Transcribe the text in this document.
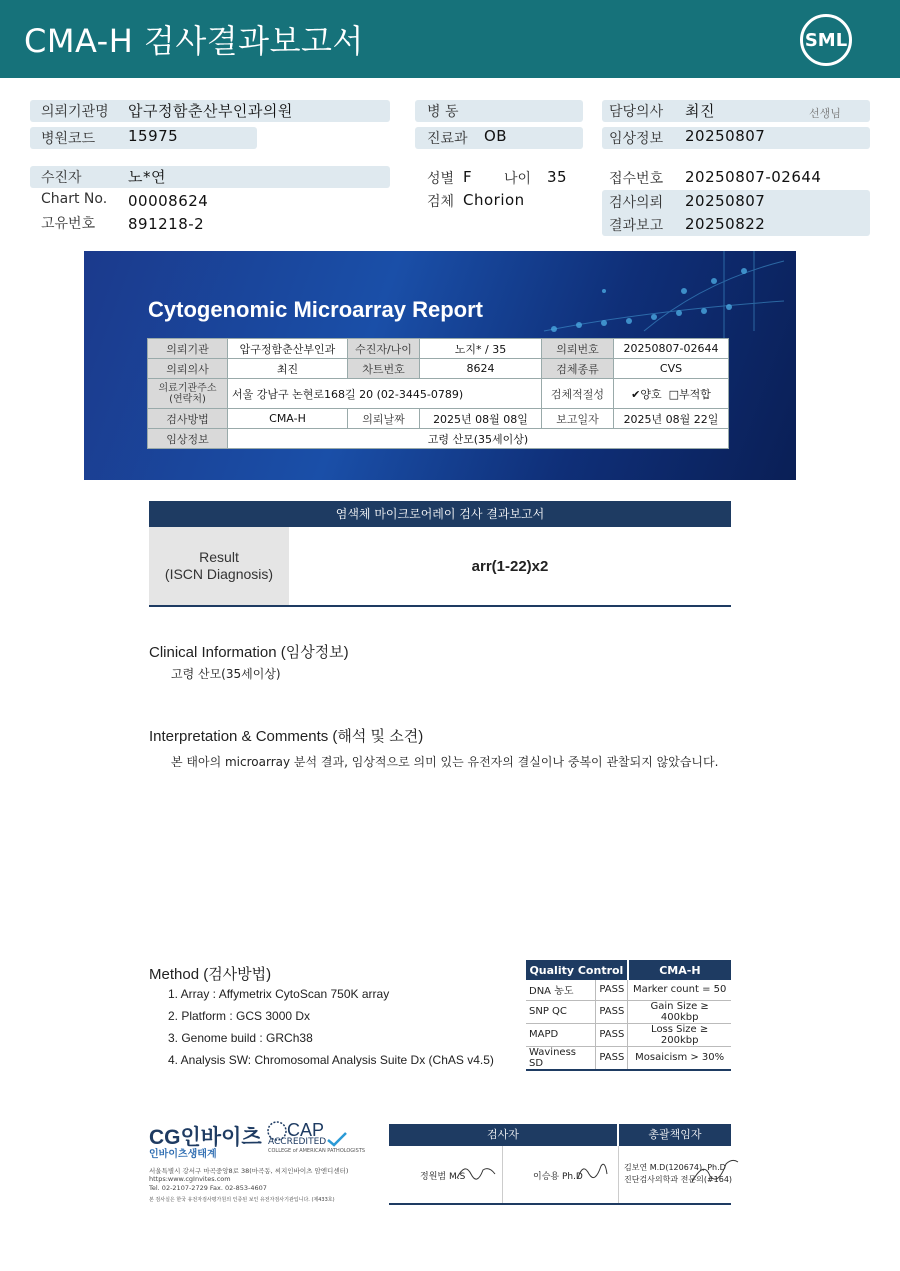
CMA-H 검사결과보고서	SML
의뢰기관명 압구정함춘산부인과의원
병원코드 15975
병 동
진료과 OB
담당의사 최진	선생님
임상정보 20250807
수진자	노*연
Chart No. 00008624
고유번호 891218-2
성별 F 나이 35
검체 Chorion
접수번호 20250807-02644
검사의뢰 20250807
결과보고 20250822
Cytogenomic Microarray Report
의뢰기관	압구정함춘산부인과	수진자/나이	노지* / 35	의뢰번호	20250807-02644
의뢰의사	최진	차트번호	8624	검체종류	CVS
의료기관주소 (연락처)	서울 강남구 논현로168길 20 (02-3445-0789)			검체적절성	✔양호 □부적합
검사방법	CMA-H	의뢰날짜	2025년 08월 08일	보고일자	2025년 08월 22일
임상정보	고령 산모(35세이상)				
염색체 마이크로어레이 검사 결과보고서
Result
(ISCN Diagnosis)	arr(1-22)x2
Clinical Information (임상정보)
고령 산모(35세이상)
Interpretation & Comments (해석 및 소견)
본 태아의 microarray 분석 결과, 임상적으로 의미 있는 유전자의 결실이나 중복이 관찰되지 않았습니다.
Method (검사방법)
1. Array : Affymetrix CytoScan 750K array
2. Platform : GCS 3000 Dx
3. Genome build : GRCh38
4. Analysis SW: Chromosomal Analysis Suite Dx (ChAS v4.5)
Quality Control		CMA-H
DNA 농도	PASS	Marker count = 50
SNP QC	PASS	Gain Size ≥ 400kbp
MAPD	PASS	Loss Size ≥ 200kbp
Waviness SD	PASS	Mosaicism > 30%
CG인바이츠
인바이츠생태계
CAP
ACCREDITED
COLLEGE of AMERICAN PATHOLOGISTS
서울특별시 강서구 마곡중앙8로 38(마곡동, 씨지인바이츠 암엔디센터)
https:www.cgInvites.com
Tel. 02-2107-2729 Fax. 02-853-4607
본 검사실은 한국 유전자검사평가원의 인증된 보인 유전자검사기관입니다. (제433호)
검사자	총괄책임자
정원범 M.S	이승용 Ph.D
김보연 M.D(120674), Ph.D
진단검사의학과 전문의(#164)
